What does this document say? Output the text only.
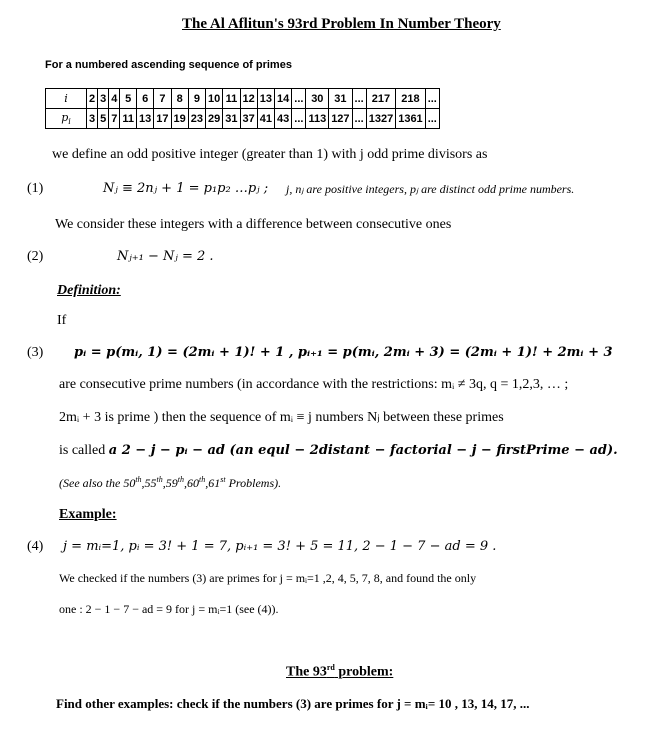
The Al Aflitun's 93rd Problem In Number Theory
For a numbered ascending sequence of primes
i	2	3	4	5	6	7	8	9	10	11	12	13	14	...	30	31	...	217	218	...
$p_i$	3	5	7	11	13	17	19	23	29	31	37	41	43	...	113	127	...	1327	1361	...
we define an odd positive integer (greater than 1) with j odd prime divisors as
(1)	Nⱼ ≡ 2nⱼ + 1 = p₁p₂ …pⱼ ; j, nⱼ are positive integers, pⱼ are distinct odd prime numbers.
We consider these integers with a difference between consecutive ones
(2)	Nⱼ₊₁ − Nⱼ = 2 .
Definition:
If
(3) pᵢ = p(mᵢ, 1) = (2mᵢ + 1)! + 1 , pᵢ₊₁ = p(mᵢ, 2mᵢ + 3) = (2mᵢ + 1)! + 2mᵢ + 3
are consecutive prime numbers (in accordance with the restrictions: mᵢ ≠ 3q, q = 1,2,3, … ;
2mᵢ + 3 is prime ) then the sequence of mᵢ ≡ j numbers Nⱼ between these primes
is called a 2 − j − pᵢ − ad (an equl − 2distant − factorial − j − firstPrime − ad).
(See also the 50th,55th,59th,60th,61st Problems).
Example:
(4) j = mᵢ=1, pᵢ = 3! + 1 = 7, pᵢ₊₁ = 3! + 5 = 11, 2 − 1 − 7 − ad = 9 .
We checked if the numbers (3) are primes for j = mᵢ=1 ,2, 4, 5, 7, 8, and found the only
one : 2 − 1 − 7 − ad = 9 for j = mᵢ=1 (see (4)).
The 93rd problem:
Find other examples: check if the numbers (3) are primes for j = mᵢ= 10 , 13, 14, 17, ...
